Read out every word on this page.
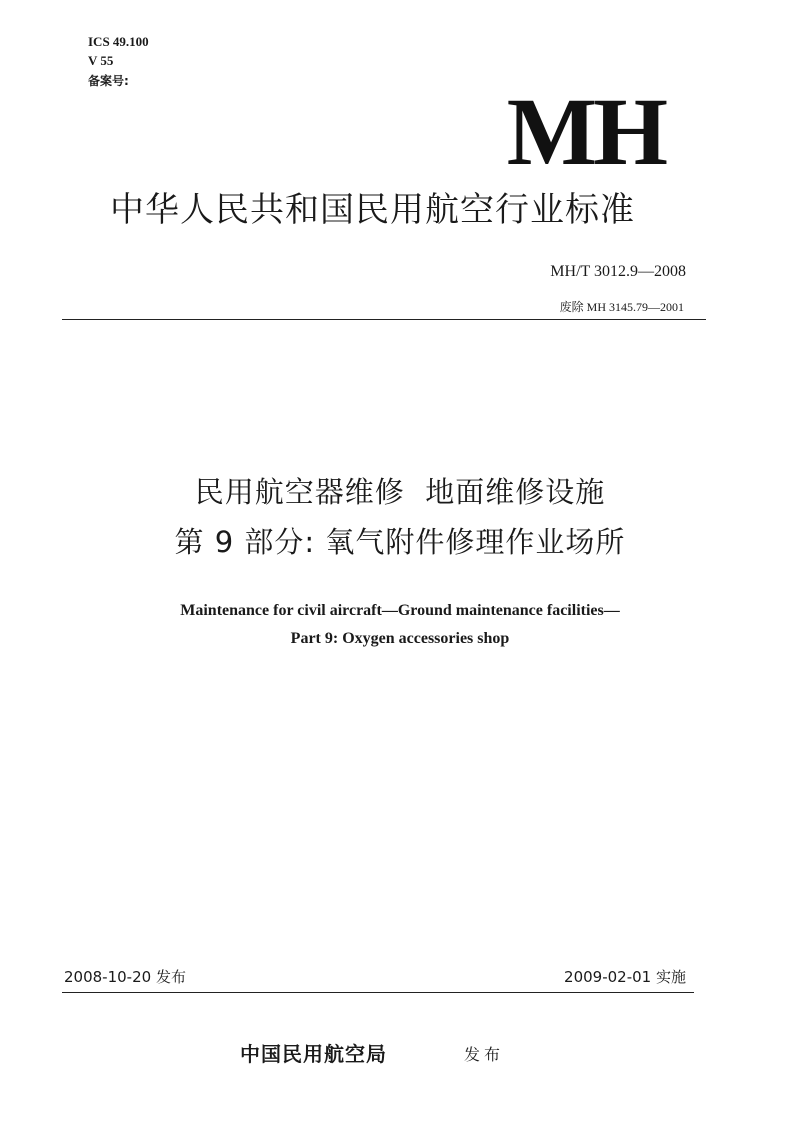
ICS 49.100
V 55
备案号:	MH
中华人民共和国民用航空行业标准
MH/T 3012.9—2008
废除 MH 3145.79—2001
民用航空器维修  地面维修设施
第 9 部分: 氧气附件修理作业场所
Maintenance for civil aircraft—Ground maintenance facilities—
Part 9: Oxygen accessories shop
2008-10-20 发布	2009-02-01 实施
中国民用航空局	发布
